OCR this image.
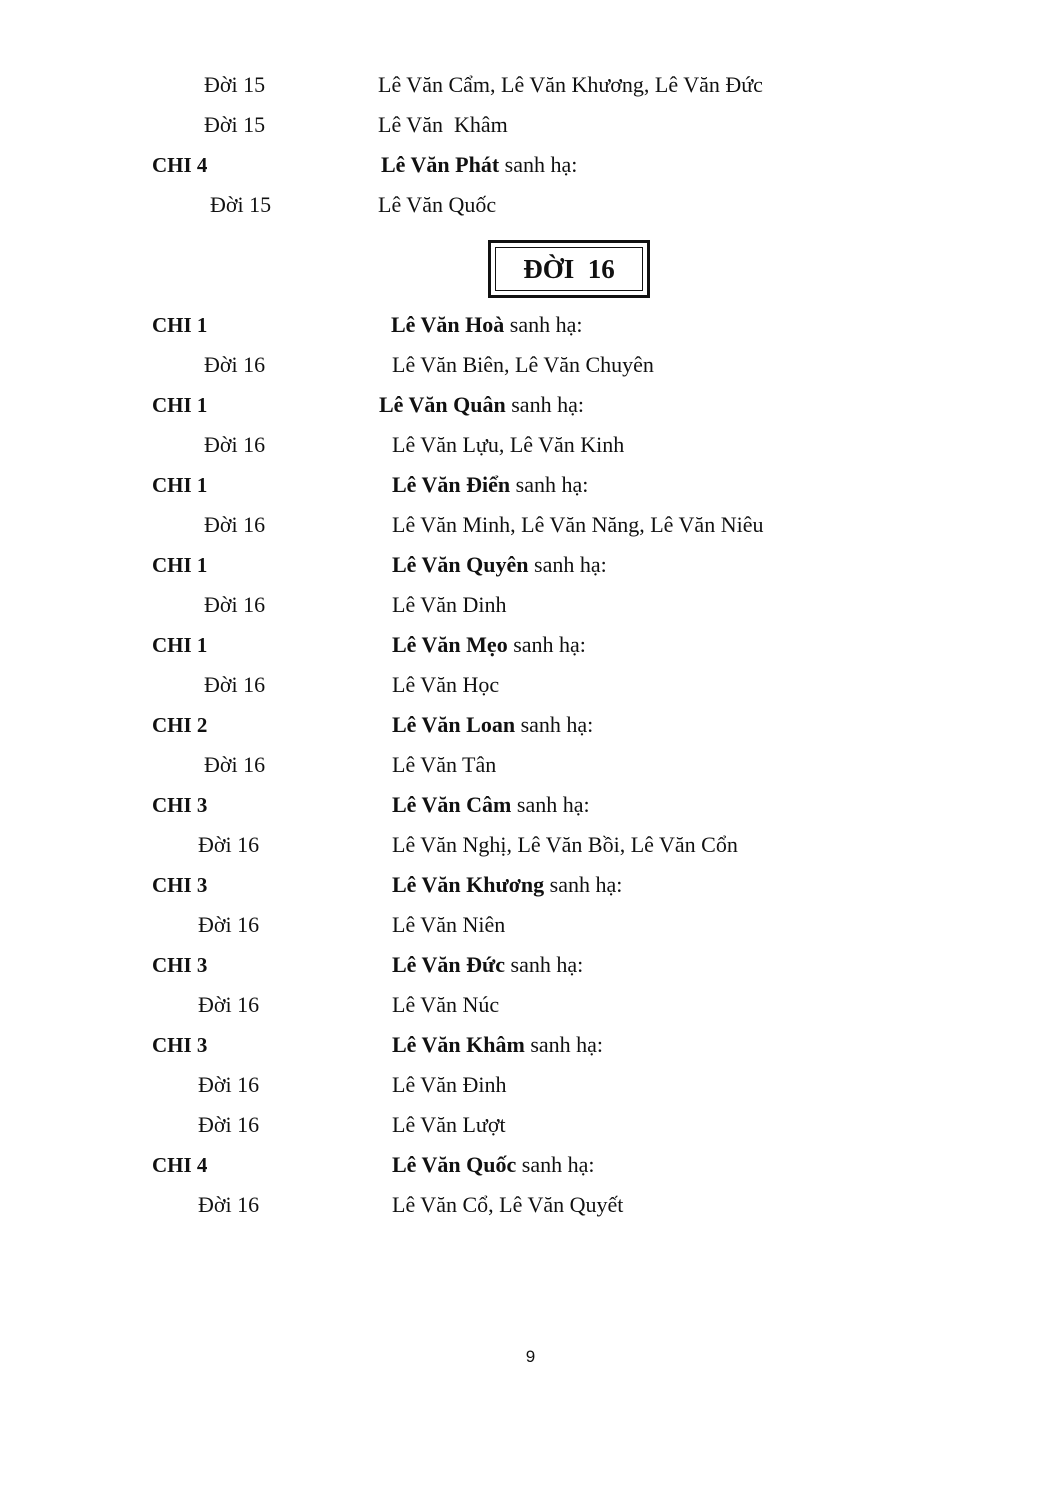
Đời 15	Lê Văn Cẩm, Lê Văn Khương, Lê Văn Đức
Đời 15	Lê Văn  Khâm
CHI 4	Lê Văn Phát sanh hạ:
Đời 15	Lê Văn Quốc
ĐỜI  16
CHI 1	Lê Văn Hoà sanh hạ:
Đời 16	Lê Văn Biên, Lê Văn Chuyên
CHI 1	Lê Văn Quân sanh hạ:
Đời 16	Lê Văn Lựu, Lê Văn Kinh
CHI 1	Lê Văn Điển sanh hạ:
Đời 16	Lê Văn Minh, Lê Văn Năng, Lê Văn Niêu
CHI 1	Lê Văn Quyên sanh hạ:
Đời 16	Lê Văn Dinh
CHI 1	Lê Văn Mẹo sanh hạ:
Đời 16	Lê Văn Học
CHI 2	Lê Văn Loan sanh hạ:
Đời 16	Lê Văn Tân
CHI 3	Lê Văn Câm sanh hạ:
Đời 16	Lê Văn Nghị, Lê Văn Bồi, Lê Văn Cổn
CHI 3	Lê Văn Khương sanh hạ:
Đời 16	Lê Văn Niên
CHI 3	Lê Văn Đức sanh hạ:
Đời 16	Lê Văn Núc
CHI 3	Lê Văn Khâm sanh hạ:
Đời 16	Lê Văn Đinh
Đời 16	Lê Văn Lượt
CHI 4	Lê Văn Quốc sanh hạ:
Đời 16	Lê Văn Cổ, Lê Văn Quyết
9
